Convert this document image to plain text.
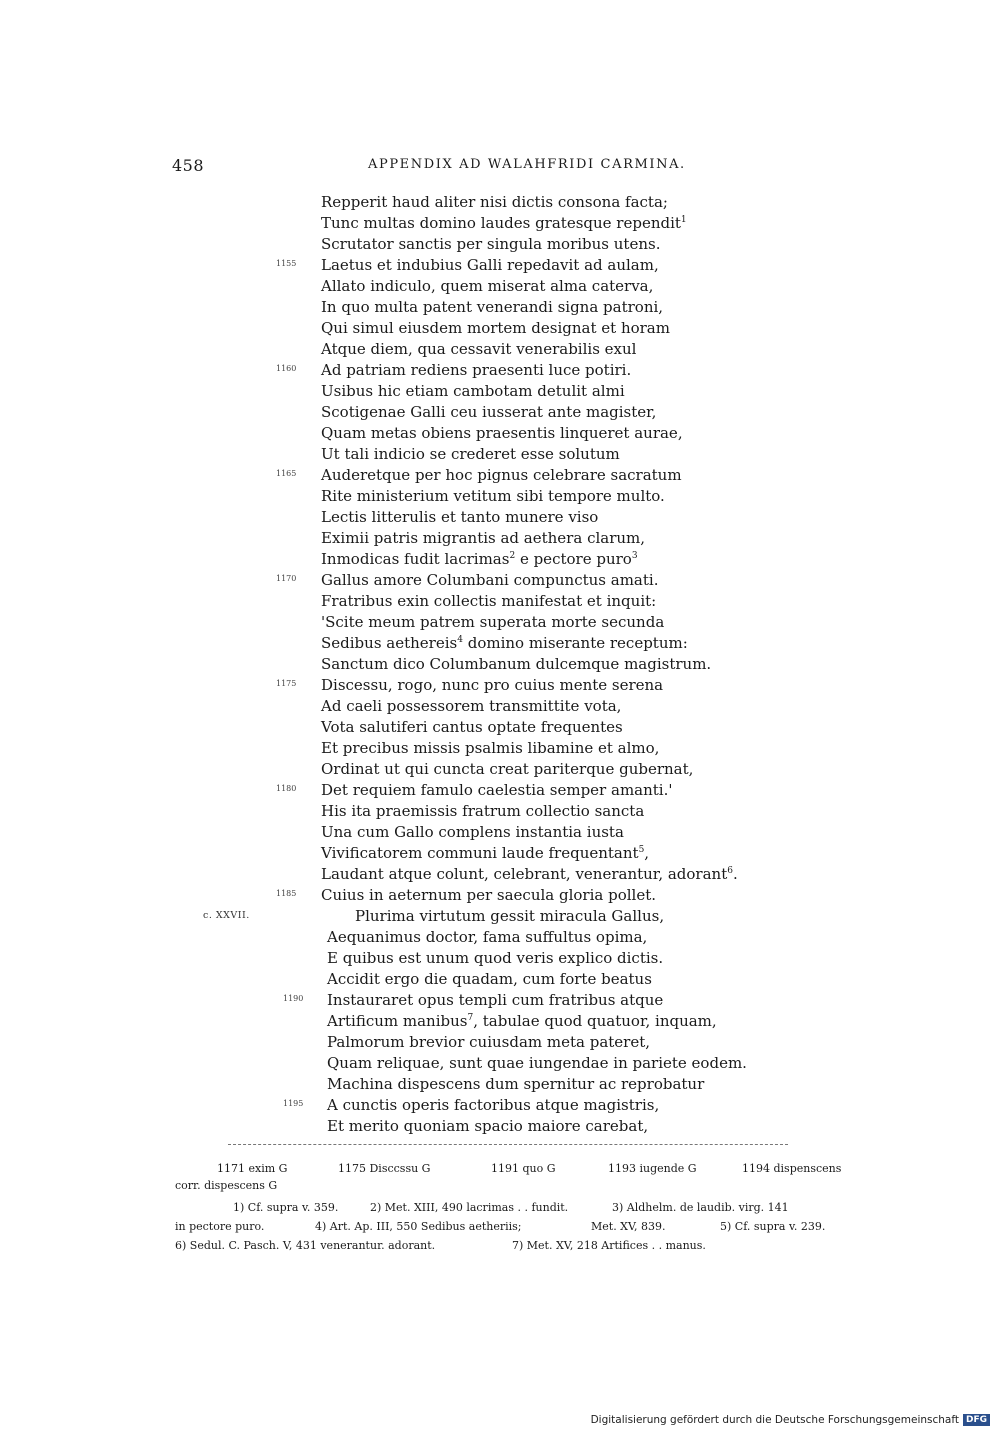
458	APPENDIX AD WALAHFRIDI CARMINA.
Repperit haud aliter nisi dictis consona facta;
Tunc multas domino laudes gratesque rependit$^1$
Scrutator sanctis per singula moribus utens.
1155 Laetus et indubius Galli repedavit ad aulam,
Allato indiculo, quem miserat alma caterva,
In quo multa patent venerandi signa patroni,
Qui simul eiusdem mortem designat et horam
Atque diem, qua cessavit venerabilis exul
1160 Ad patriam rediens praesenti luce potiri.
Usibus hic etiam cambotam detulit almi
Scotigenae Galli ceu iusserat ante magister,
Quam metas obiens praesentis linqueret aurae,
Ut tali indicio se crederet esse solutum
1165 Auderetque per hoc pignus celebrare sacratum
Rite ministerium vetitum sibi tempore multo.
Lectis litterulis et tanto munere viso
Eximii patris migrantis ad aethera clarum,
Inmodicas fudit lacrimas$^2$ e pectore puro$^3$
1170 Gallus amore Columbani compunctus amati.
Fratribus exin collectis manifestat et inquit:
'Scite meum patrem superata morte secunda
Sedibus aethereis$^4$ domino miserante receptum:
Sanctum dico Columbanum dulcemque magistrum.
1175 Discessu, rogo, nunc pro cuius mente serena
Ad caeli possessorem transmittite vota,
Vota salutiferi cantus optate frequentes
Et precibus missis psalmis libamine et almo,
Ordinat ut qui cuncta creat pariterque gubernat,
1180 Det requiem famulo caelestia semper amanti.'
His ita praemissis fratrum collectio sancta
Una cum Gallo complens instantia iusta
Vivificatorem communi laude frequentant$^5$,
Laudant atque colunt, celebrant, venerantur, adorant$^6$.
1185 Cuius in aeternum per saecula gloria pollet.
c. XXVII.	Plurima virtutum gessit miracula Gallus,
Aequanimus doctor, fama suffultus opima,
E quibus est unum quod veris explico dictis.
Accidit ergo die quadam, cum forte beatus
1190 Instauraret opus templi cum fratribus atque
Artificum manibus$^7$, tabulae quod quatuor, inquam,
Palmorum brevior cuiusdam meta pateret,
Quam reliquae, sunt quae iungendae in pariete eodem.
Machina dispescens dum spernitur ac reprobatur
1195 A cunctis operis factoribus atque magistris,
Et merito quoniam spacio maiore carebat,
1171 exim G	1175 Disccssu G	1191 quo G	1193 iugende G	1194 dispenscens
corr. dispescens G
1) Cf. supra v. 359.	2) Met. XIII, 490 lacrimas . . fundit.	3) Aldhelm. de laudib. virg. 141
in pectore puro.	4) Art. Ap. III, 550 Sedibus aetheriis;	Met. XV, 839.	5) Cf. supra v. 239.
6) Sedul. C. Pasch. V, 431 venerantur. adorant.	7) Met. XV, 218 Artifices . . manus.
Digitalisierung gefördert durch die Deutsche Forschungsgemeinschaft DFG
